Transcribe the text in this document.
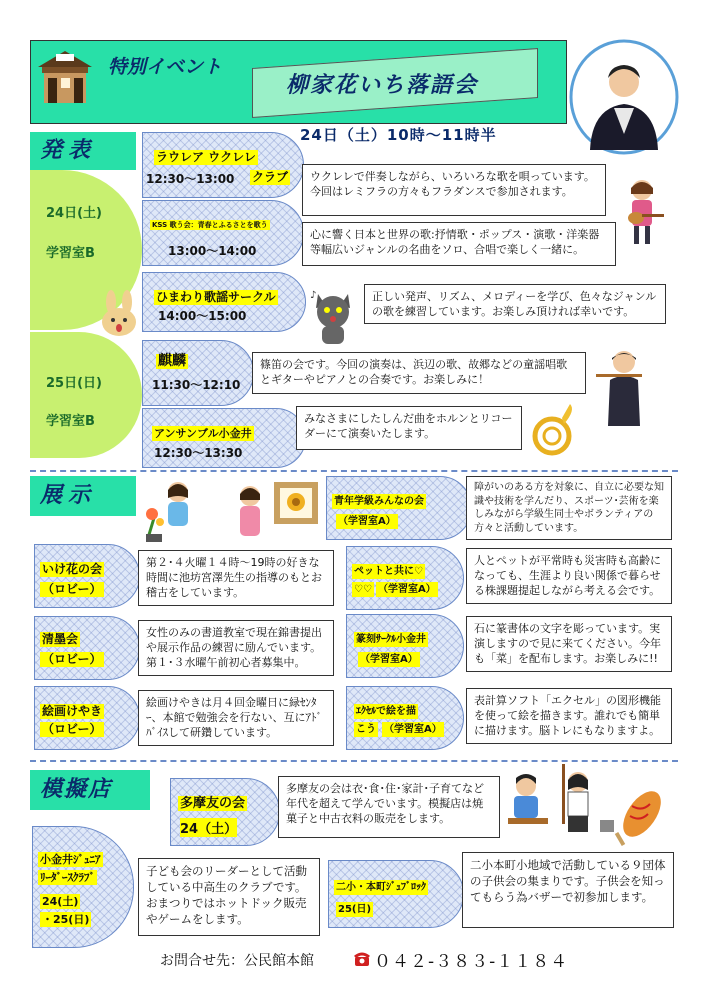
特別イベント
柳家花いち落語会
24日（土）10時～11時半
発表
24日(土)
学習室B
25日(日)
学習室B
ラウレア ウクレレ
12:30～13:00 クラブ	ウクレレで伴奏しながら、いろいろな歌を唄っています。今回はレミフラの方々もフラダンスで参加されます。
KSS 歌う会：青春とふるさとを歌う
13:00～14:00
心に響く日本と世界の歌:抒情歌・ポップス・演歌・洋楽器等幅広いジャンルの名曲をソロ、合唱で楽しく一緒に。
ひまわり歌謡サークル
14:00～15:00
正しい発声、リズム、メロディーを学び、色々なジャンルの歌を練習しています。お楽しみ頂ければ幸いです。
麒麟
11:30～12:10
篠笛の会です。今回の演奏は、浜辺の歌、故郷などの童謡唱歌とギターやピアノとの合奏です。お楽しみに！
アンサンブル小金井
12:30～13:30
みなさまにしたしんだ曲をホルンとリコーダーにて演奏いたします。
♪
展示
いけ花の会
（ロビー）
第２･４火曜１４時～19時の好きな時間に池坊宮澤先生の指導のもとお稽古をしています。
清墨会
（ロビー）
女性のみの書道教室で現在錦書提出や展示作品の練習に励んでいます。第１･３水曜午前初心者募集中。
絵画けやき
（ロビー）
絵画けやきは月４回金曜日に緑ｾﾝﾀｰ、本館で勉強会を行ない、互にｱﾄﾞﾊﾞｲｽして研鑽しています。
青年学級みんなの会
（学習室A）
障がいのある方を対象に、自立に必要な知識や技術を学んだり、スポーツ･芸術を楽しみながら学級生同士やボランティアの方々と活動しています。
ペットと共に♡
♡♡ （学習室A）
人とペットが平常時も災害時も高齢になっても、生涯より良い関係で暮らせる株課題提起しながら考える会です。
篆刻ｻｰｸﾙ小金井
（学習室A）
石に篆書体の文字を彫っています。実演しますので見に来てください。今年も「菜」を配布します。お楽しみに!!
ｴｸｾﾙで絵を描
こう （学習室A）
表計算ソフト「エクセル」の図形機能を使って絵を描きます。誰れでも簡単に描けます。脳トレにもなりますよ。
模擬店
多摩友の会
24（土）
多摩友の会は衣･食･住･家計･子育てなど年代を超えて学んでいます。模擬店は焼菓子と中古衣料の販売をします。
小金井ｼﾞｭﾆｱ
ﾘｰﾀﾞｰｽｸﾗﾌﾞ
24(土)
・25(日)
子ども会のリーダーとして活動している中高生のクラブです。おまつりではホットドック販売やゲームをします。
二小・本町ｼﾞｭﾌﾞﾛｯｸ
25(日)
二小本町小地域で活動している９団体の子供会の集まりです。子供会を知ってもらう為バザーで初参加します。
お問合せ先：公民館本館	０４２-３８３-１１８４
